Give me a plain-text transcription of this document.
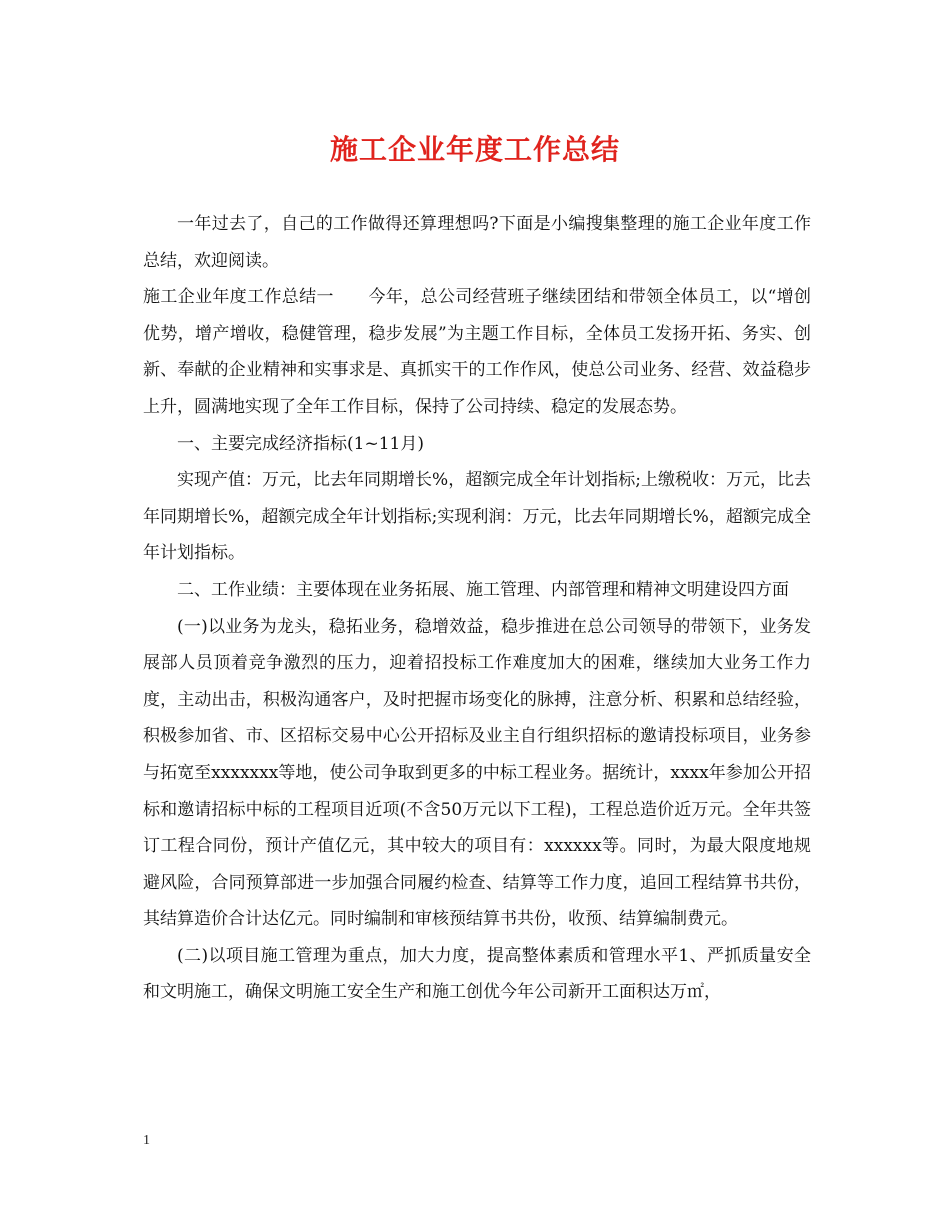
施工企业年度工作总结

一年过去了，自己的工作做得还算理想吗?下面是小编搜集整理的施工企业年度工作总结，欢迎阅读。

施工企业年度工作总结一　　今年，总公司经营班子继续团结和带领全体员工，以“增创优势，增产增收，稳健管理，稳步发展”为主题工作目标，全体员工发扬开拓、务实、创新、奉献的企业精神和实事求是、真抓实干的工作作风，使总公司业务、经营、效益稳步上升，圆满地实现了全年工作目标，保持了公司持续、稳定的发展态势。

一、主要完成经济指标(1~11月)

实现产值：万元，比去年同期增长%，超额完成全年计划指标;上缴税收：万元，比去年同期增长%，超额完成全年计划指标;实现利润：万元，比去年同期增长%，超额完成全年计划指标。

二、工作业绩：主要体现在业务拓展、施工管理、内部管理和精神文明建设四方面

(一)以业务为龙头，稳拓业务，稳增效益，稳步推进在总公司领导的带领下，业务发展部人员顶着竞争激烈的压力，迎着招投标工作难度加大的困难，继续加大业务工作力度，主动出击，积极沟通客户，及时把握市场变化的脉搏，注意分析、积累和总结经验，积极参加省、市、区招标交易中心公开招标及业主自行组织招标的邀请投标项目，业务参与拓宽至xxxxxxx等地，使公司争取到更多的中标工程业务。据统计，xxxx年参加公开招标和邀请招标中标的工程项目近项(不含50万元以下工程)，工程总造价近万元。全年共签订工程合同份，预计产值亿元，其中较大的项目有：xxxxxx等。同时，为最大限度地规避风险，合同预算部进一步加强合同履约检查、结算等工作力度，追回工程结算书共份，其结算造价合计达亿元。同时编制和审核预结算书共份，收预、结算编制费元。

(二)以项目施工管理为重点，加大力度，提高整体素质和管理水平1、严抓质量安全和文明施工，确保文明施工安全生产和施工创优今年公司新开工面积达万㎡，

1
